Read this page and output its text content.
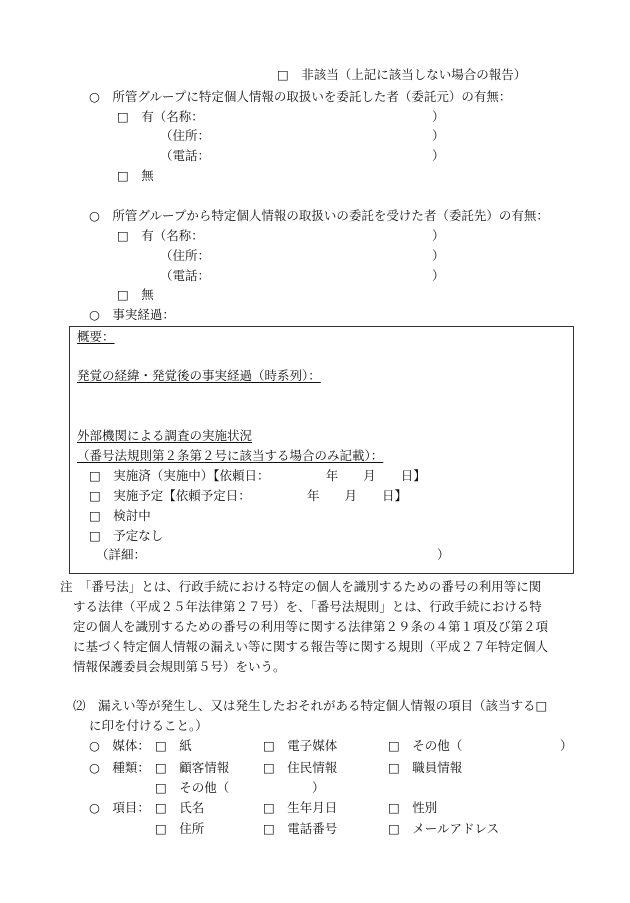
□　非該当（上記に該当しない場合の報告）
○　所管グループに特定個人情報の取扱いを委託した者（委託元）の有無：
□　有（名称：	）
（住所：	）
（電話：	）
□　無
○　所管グループから特定個人情報の取扱いの委託を受けた者（委託先）の有無：
□　有（名称：	）
（住所：	）
（電話：	）
□　無
○　事実経過：
概要：
発覚の経緯・発覚後の事実経過（時系列）：
外部機関による調査の実施状況
（番号法規則第２条第２号に該当する場合のみ記載）：
□　実施済（実施中）【依頼日：　　　　　年　　月　　日】
□　実施予定【依頼予定日：　　　　　年　　月　　日】
□　検討中
□　予定なし
（詳細：	）
注　「番号法」とは、行政手続における特定の個人を識別するための番号の利用等に関
する法律（平成２５年法律第２７号）を、「番号法規則」とは、行政手続における特
定の個人を識別するための番号の利用等に関する法律第２９条の４第１項及び第２項
に基づく特定個人情報の漏えい等に関する報告等に関する規則（平成２７年特定個人
情報保護委員会規則第５号）をいう。
⑵　漏えい等が発生し、又は発生したおそれがある特定個人情報の項目（該当する□
に印を付けること。）
○　媒体： □　紙	□　電子媒体	□　その他（	）
○　種類： □　顧客情報	□　住民情報	□　職員情報
□　その他（	）
○　項目： □　氏名	□　生年月日	□　性別
□　住所	□　電話番号	□　メールアドレス
